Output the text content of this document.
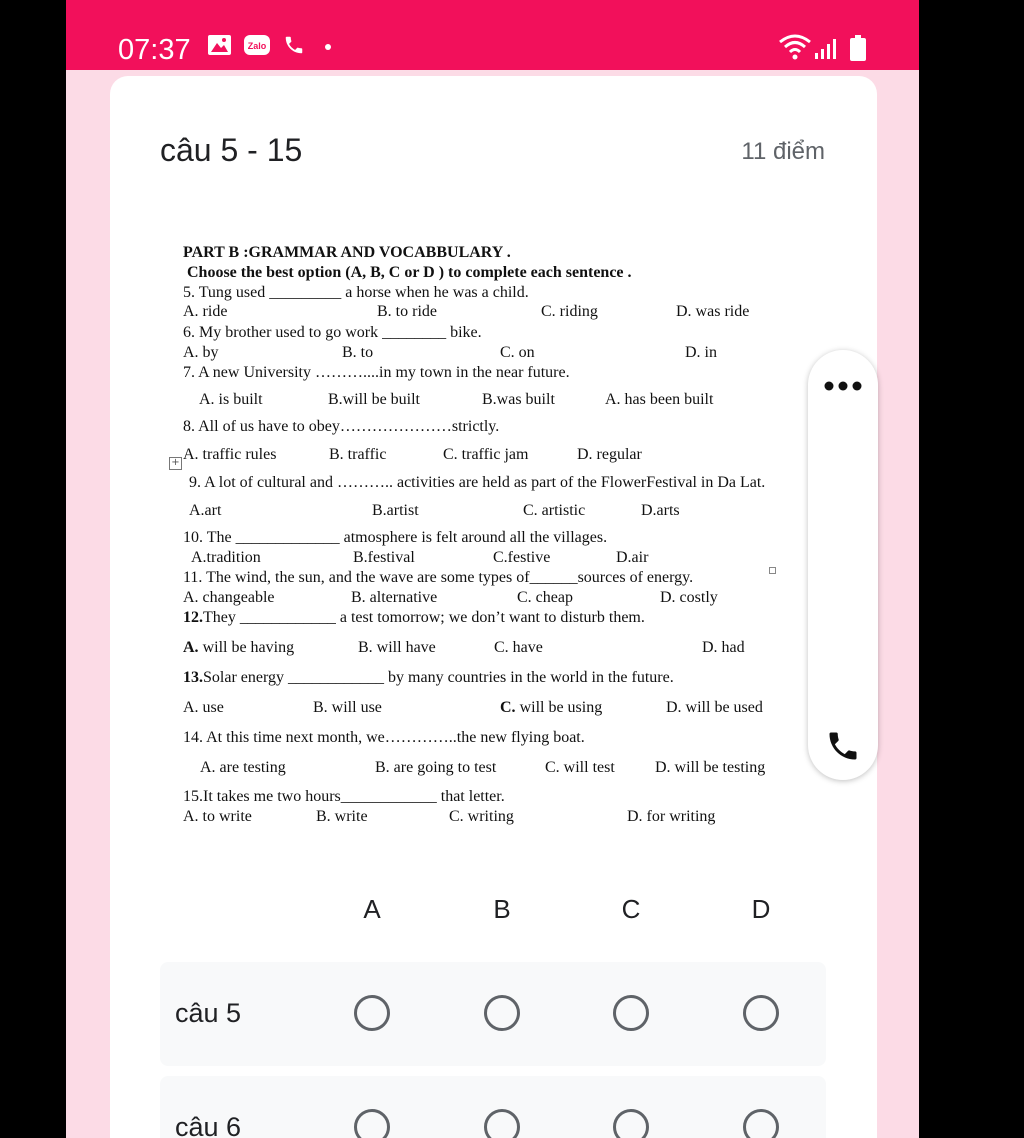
07:37	Zalo
câu 5 - 15	11 điểm
PART B :GRAMMAR AND VOCABBULARY .
Choose the best option (A, B, C or D ) to complete each sentence .
5. Tung used _________ a horse when he was a child.
A. ride	B. to ride	C. riding	D. was ride
6. My brother used to go work ________ bike.
A. by	B. to	C. on	D. in
7. A new University ………....in my town in the near future.
A. is built	B.will be built	B.was built	A. has been built
8. All of us have to obey…………………strictly.
A. traffic rules	B. traffic	C. traffic jam	D. regular
+
9. A lot of cultural and ……….. activities are held as part of the FlowerFestival in Da Lat.
A.art	B.artist	C. artistic	D.arts
10. The _____________ atmosphere is felt around all the villages.
A.tradition	B.festival	C.festive	D.air
11. The wind, the sun, and the wave are some types of______sources of energy.
A. changeable	B. alternative	C. cheap	D. costly
12.They ____________ a test tomorrow; we don’t want to disturb them.
A. will be having	B. will have	C. have	D. had
13.Solar energy ____________ by many countries in the world in the future.
A. use	B. will use	C. will be using	D. will be used
14. At this time next month, we…………..the new flying boat.
A. are testing	B. are going to test	C. will test	D. will be testing
15.It takes me two hours____________ that letter.
A. to write	B. write	C. writing	D. for writing
A	B	C	D
câu 5
câu 6
